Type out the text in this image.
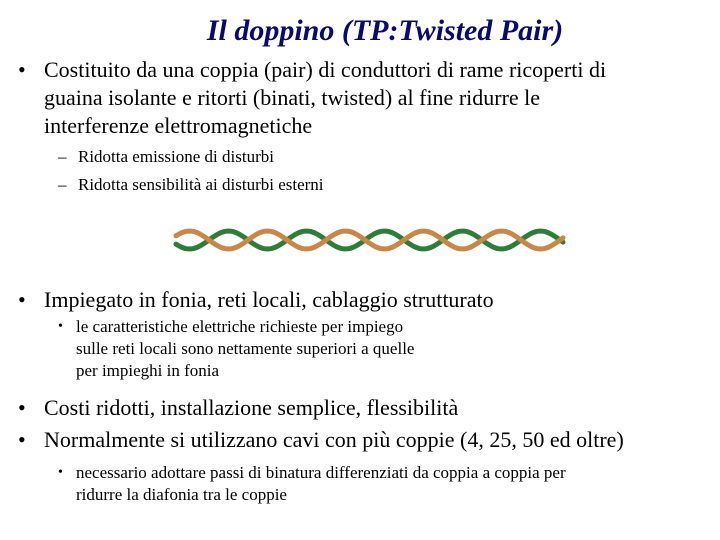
Il doppino (TP:Twisted Pair)
• Costituito da una coppia (pair) di conduttori di rame ricoperti di
guaina isolante e ritorti (binati, twisted) al fine ridurre le
interferenze elettromagnetiche
– Ridotta emissione di disturbi
– Ridotta sensibilità ai disturbi esterni
• Impiegato in fonia, reti locali, cablaggio strutturato
• le caratteristiche elettriche richieste per impiego
sulle reti locali sono nettamente superiori a quelle
per impieghi in fonia
• Costi ridotti, installazione semplice, flessibilità
• Normalmente si utilizzano cavi con più coppie (4, 25, 50 ed oltre)
• necessario adottare passi di binatura differenziati da coppia a coppia per
ridurre la diafonia tra le coppie
